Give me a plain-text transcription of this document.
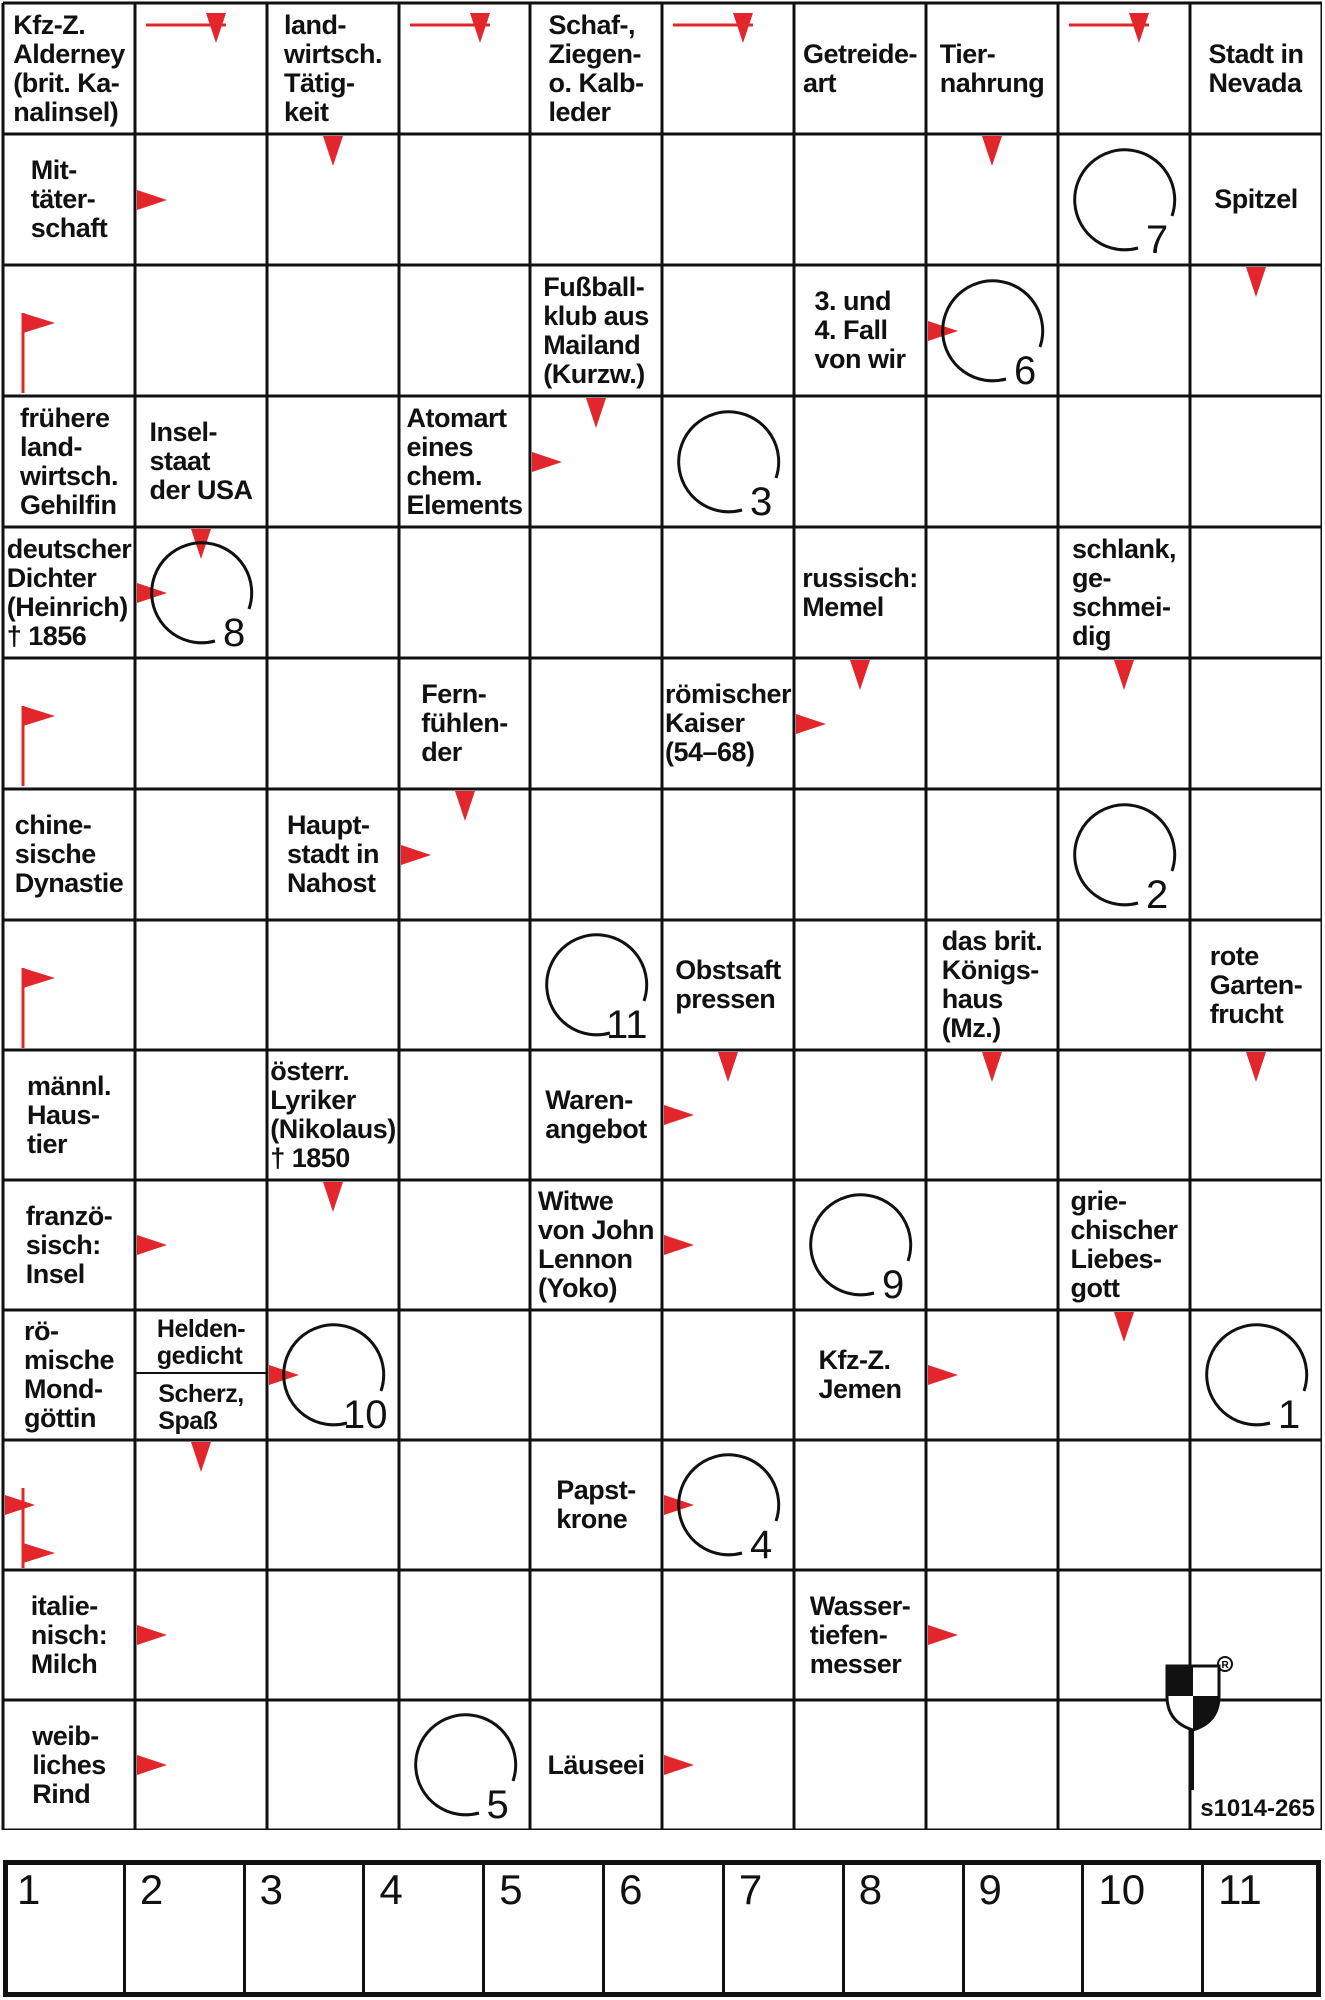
Kfz-Z.
Alderney
(brit. Ka-
nalinsel)
land-
wirtsch.
Tätig-
keit
Schaf-,
Ziegen-
o. Kalb-
leder
Getreide-
art
Tier-
nahrung
Stadt in
Nevada
Mit-
täter-
schaft
Spitzel
Fußball-
klub aus
Mailand
(Kurzw.)
3. und
4. Fall
von wir
frühere
land-
wirtsch.
Gehilfin
Insel-
staat
der USA
Atomart
eines
chem.
Elements
deutscher
Dichter
(Heinrich)
† 1856
russisch:
Memel
schlank,
ge-
schmei-
dig
Fern-
fühlen-
der
römischer
Kaiser
(54–68)
chine-
sische
Dynastie
Haupt-
stadt in
Nahost
Obstsaft
pressen
das brit.
Königs-
haus
(Mz.)
rote
Garten-
frucht
männl.
Haus-
tier
österr.
Lyriker
(Nikolaus)
† 1850
Waren-
angebot
franzö-
sisch:
Insel
Witwe
von John
Lennon
(Yoko)
grie-
chischer
Liebes-
gott
rö-
mische
Mond-
göttin
Helden-
gedicht
Scherz,
Spaß
Kfz-Z.
Jemen
Papst-
krone
italie-
nisch:
Milch
Wasser-
tiefen-
messer
weib-
liches
Rind
Läuseei
7
6
3
8
2
11
9
10	1
4
5
R
1 2 3 4 5 6 7 8 9 10 11
s1014-265
